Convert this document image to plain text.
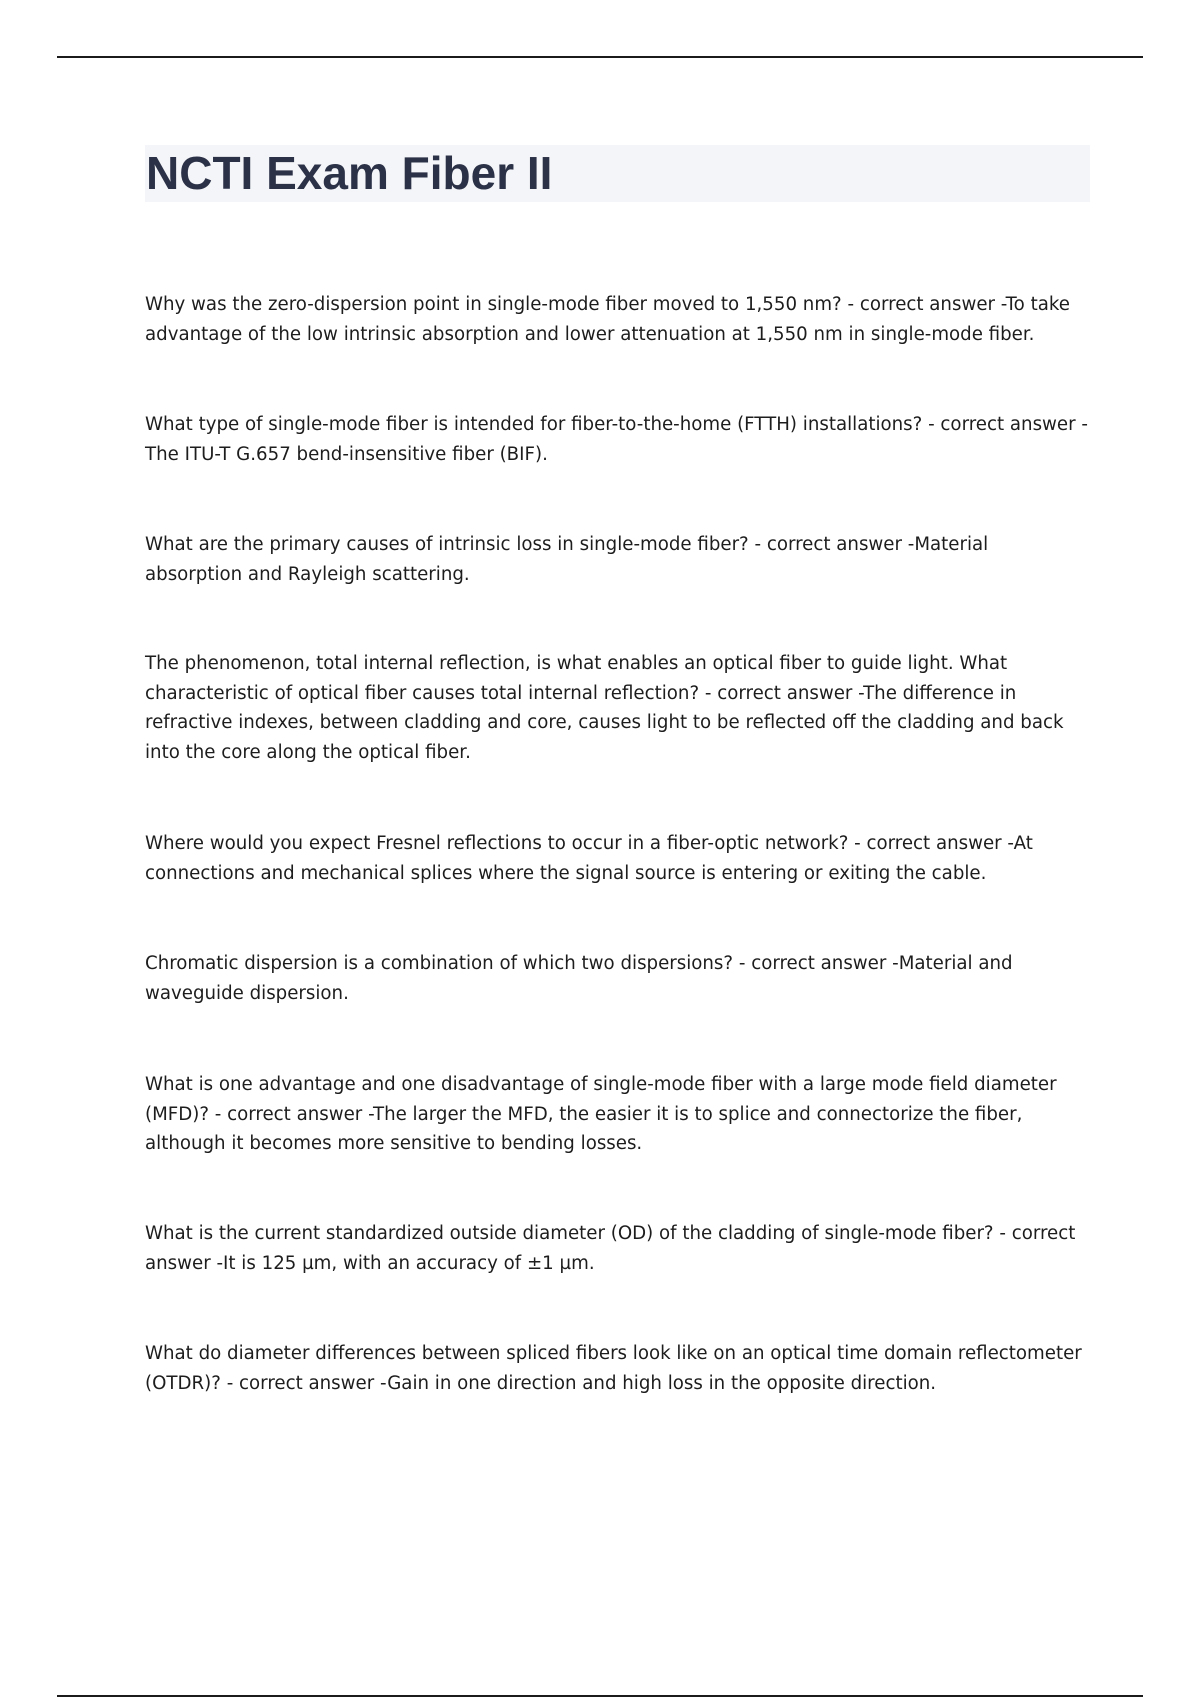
NCTI Exam Fiber II

Why was the zero-dispersion point in single-mode fiber moved to 1,550 nm? - correct answer -To take advantage of the low intrinsic absorption and lower attenuation at 1,550 nm in single-mode fiber.

What type of single-mode fiber is intended for fiber-to-the-home (FTTH) installations? - correct answer - The ITU-T G.657 bend-insensitive fiber (BIF).

What are the primary causes of intrinsic loss in single-mode fiber? - correct answer -Material absorption and Rayleigh scattering.

The phenomenon, total internal reflection, is what enables an optical fiber to guide light. What characteristic of optical fiber causes total internal reflection? - correct answer -The difference in refractive indexes, between cladding and core, causes light to be reflected off the cladding and back into the core along the optical fiber.

Where would you expect Fresnel reflections to occur in a fiber-optic network? - correct answer -At connections and mechanical splices where the signal source is entering or exiting the cable.

Chromatic dispersion is a combination of which two dispersions? - correct answer -Material and waveguide dispersion.

What is one advantage and one disadvantage of single-mode fiber with a large mode field diameter (MFD)? - correct answer -The larger the MFD, the easier it is to splice and connectorize the fiber, although it becomes more sensitive to bending losses.

What is the current standardized outside diameter (OD) of the cladding of single-mode fiber? - correct answer -It is 125 µm, with an accuracy of ±1 µm.

What do diameter differences between spliced fibers look like on an optical time domain reflectometer (OTDR)? - correct answer -Gain in one direction and high loss in the opposite direction.
